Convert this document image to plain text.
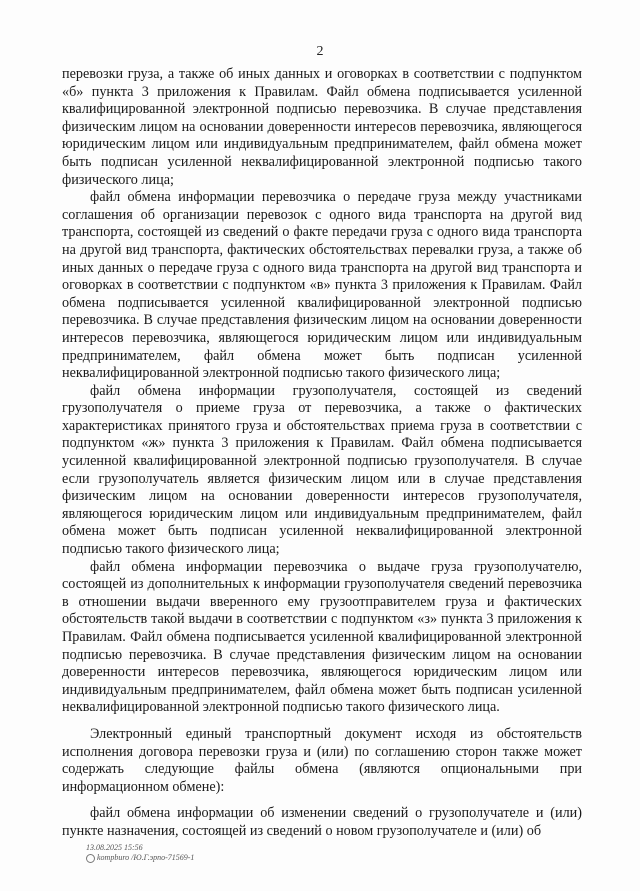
2

перевозки груза, а также об иных данных и оговорках в соответствии с подпунктом «б» пункта 3 приложения к Правилам. Файл обмена подписывается усиленной квалифицированной электронной подписью перевозчика. В случае представления физическим лицом на основании доверенности интересов перевозчика, являющегося юридическим лицом или индивидуальным предпринимателем, файл обмена может быть подписан усиленной неквалифицированной электронной подписью такого физического лица;

файл обмена информации перевозчика о передаче груза между участниками соглашения об организации перевозок с одного вида транспорта на другой вид транспорта, состоящей из сведений о факте передачи груза с одного вида транспорта на другой вид транспорта, фактических обстоятельствах перевалки груза, а также об иных данных о передаче груза с одного вида транспорта на другой вид транспорта и оговорках в соответствии с подпунктом «в» пункта 3 приложения к Правилам. Файл обмена подписывается усиленной квалифицированной электронной подписью перевозчика. В случае представления физическим лицом на основании доверенности интересов перевозчика, являющегося юридическим лицом или индивидуальным предпринимателем, файл обмена может быть подписан усиленной неквалифицированной электронной подписью такого физического лица;

файл обмена информации грузополучателя, состоящей из сведений грузополучателя о приеме груза от перевозчика, а также о фактических характеристиках принятого груза и обстоятельствах приема груза в соответствии с подпунктом «ж» пункта 3 приложения к Правилам. Файл обмена подписывается усиленной квалифицированной электронной подписью грузополучателя. В случае если грузополучатель является физическим лицом или в случае представления физическим лицом на основании доверенности интересов грузополучателя, являющегося юридическим лицом или индивидуальным предпринимателем, файл обмена может быть подписан усиленной неквалифицированной электронной подписью такого физического лица;

файл обмена информации перевозчика о выдаче груза грузополучателю, состоящей из дополнительных к информации грузополучателя сведений перевозчика в отношении выдачи вверенного ему грузоотправителем груза и фактических обстоятельств такой выдачи в соответствии с подпунктом «з» пункта 3 приложения к Правилам. Файл обмена подписывается усиленной квалифицированной электронной подписью перевозчика. В случае представления физическим лицом на основании доверенности интересов перевозчика, являющегося юридическим лицом или индивидуальным предпринимателем, файл обмена может быть подписан усиленной неквалифицированной электронной подписью такого физического лица.

Электронный единый транспортный документ исходя из обстоятельств исполнения договора перевозки груза и (или) по соглашению сторон также может содержать следующие файлы обмена (являются опциональными при информационном обмене):

файл обмена информации об изменении сведений о грузополучателе и (или) пункте назначения, состоящей из сведений о новом грузополучателе и (или) об

13.08.2025 15:56
kompburo /Ю.Г.эрпо-71569-1
